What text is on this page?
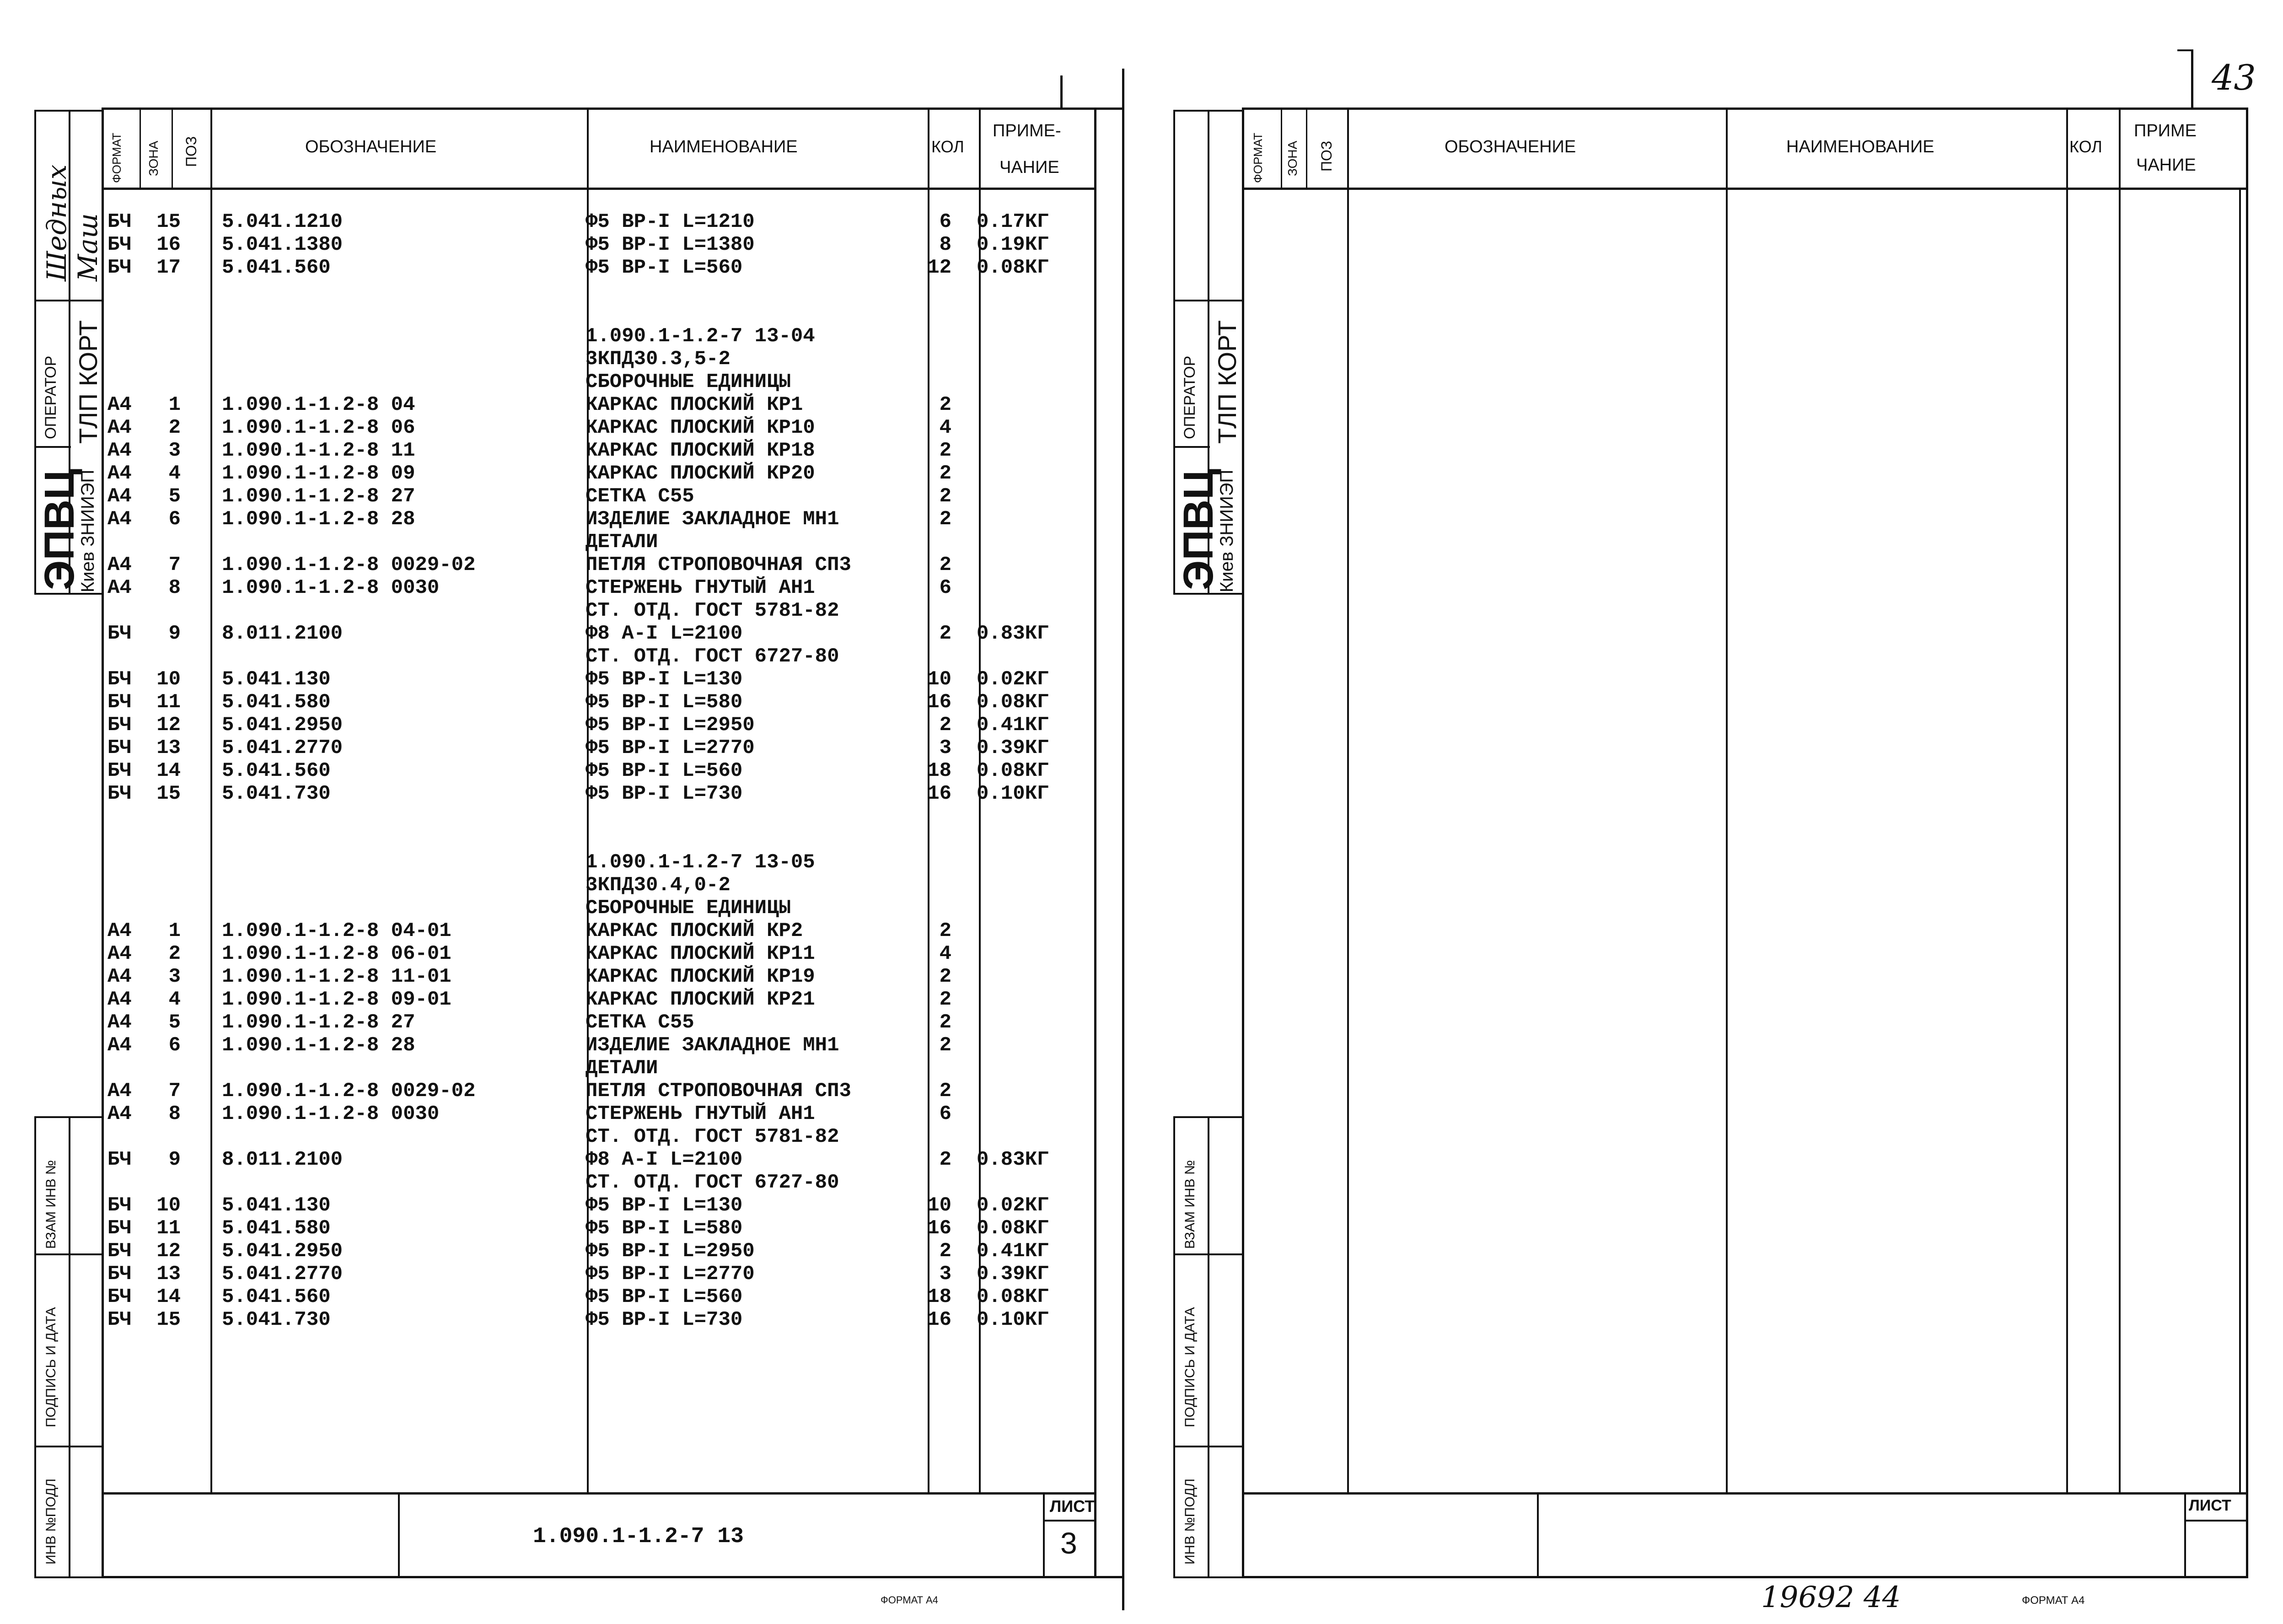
ФОРМАТ ЗОНА ПОЗ	ОБОЗНАЧЕНИЕ	НАИМЕНОВАНИЕ	КОЛ
ПРИМЕ-
ЧАНИЕ
Шедных Маш
ОПЕРАТОР ТЛП КОРТ
ЭПВЦ
Киев ЗНИИЭП
ВЗАМ ИНВ №
ПОДПИСЬ И ДАТА
ИНВ №ПОДЛ
БЧ 15 5.041.1210	Ф5 ВР-I L=1210	6 0.17КГ
БЧ 16 5.041.1380	Ф5 ВР-I L=1380	8 0.19КГ
БЧ 17 5.041.560	Ф5 ВР-I L=560	12 0.08КГ
1.090.1-1.2-7 13-04
3КПД30.3,5-2
СБОРОЧНЫЕ ЕДИНИЦЫ
А4	1 1.090.1-1.2-8 04	КАРКАС ПЛОСКИЙ КР1	2
А4	2 1.090.1-1.2-8 06	КАРКАС ПЛОСКИЙ КР10	4
А4	3 1.090.1-1.2-8 11	КАРКАС ПЛОСКИЙ КР18	2
А4	4 1.090.1-1.2-8 09	КАРКАС ПЛОСКИЙ КР20	2
А4	5 1.090.1-1.2-8 27	СЕТКА С55	2
А4	6 1.090.1-1.2-8 28	ИЗДЕЛИЕ ЗАКЛАДНОЕ МН1	2
ДЕТАЛИ
А4	7 1.090.1-1.2-8 0029-02	ПЕТЛЯ СТРОПОВОЧНАЯ СП3	2
А4	8 1.090.1-1.2-8 0030	СТЕРЖЕНЬ ГНУТЫЙ АН1	6
СТ. ОТД. ГОСТ 5781-82
БЧ	9 8.011.2100	Ф8 А-I L=2100	2 0.83КГ
СТ. ОТД. ГОСТ 6727-80
БЧ 10 5.041.130	Ф5 ВР-I L=130	10 0.02КГ
БЧ 11 5.041.580	Ф5 ВР-I L=580	16 0.08КГ
БЧ 12 5.041.2950	Ф5 ВР-I L=2950	2 0.41КГ
БЧ 13 5.041.2770	Ф5 ВР-I L=2770	3 0.39КГ
БЧ 14 5.041.560	Ф5 ВР-I L=560	18 0.08КГ
БЧ 15 5.041.730	Ф5 ВР-I L=730	16 0.10КГ
1.090.1-1.2-7 13-05
3КПД30.4,0-2
СБОРОЧНЫЕ ЕДИНИЦЫ
А4	1 1.090.1-1.2-8 04-01	КАРКАС ПЛОСКИЙ КР2	2
А4	2 1.090.1-1.2-8 06-01	КАРКАС ПЛОСКИЙ КР11	4
А4	3 1.090.1-1.2-8 11-01	КАРКАС ПЛОСКИЙ КР19	2
А4	4 1.090.1-1.2-8 09-01	КАРКАС ПЛОСКИЙ КР21	2
А4	5 1.090.1-1.2-8 27	СЕТКА С55	2
А4	6 1.090.1-1.2-8 28	ИЗДЕЛИЕ ЗАКЛАДНОЕ МН1	2
ДЕТАЛИ
А4	7 1.090.1-1.2-8 0029-02	ПЕТЛЯ СТРОПОВОЧНАЯ СП3	2
А4	8 1.090.1-1.2-8 0030	СТЕРЖЕНЬ ГНУТЫЙ АН1	6
СТ. ОТД. ГОСТ 5781-82
БЧ	9 8.011.2100	Ф8 А-I L=2100	2 0.83КГ
СТ. ОТД. ГОСТ 6727-80
БЧ 10 5.041.130	Ф5 ВР-I L=130	10 0.02КГ
БЧ 11 5.041.580	Ф5 ВР-I L=580	16 0.08КГ
БЧ 12 5.041.2950	Ф5 ВР-I L=2950	2 0.41КГ
БЧ 13 5.041.2770	Ф5 ВР-I L=2770	3 0.39КГ
БЧ 14 5.041.560	Ф5 ВР-I L=560	18 0.08КГ
БЧ 15 5.041.730	Ф5 ВР-I L=730	16 0.10КГ
1.090.1-1.2-7 13
ЛИСТ
3
ФОРМАТ А4
ФОРМАТ ЗОНА ПОЗ	ОБОЗНАЧЕНИЕ	НАИМЕНОВАНИЕ	КОЛ
ПРИМЕ
ЧАНИЕ
ОПЕРАТОР ТЛП КОРТ
ЭПВЦ
Киев ЗНИИЭП
ВЗАМ ИНВ №
ПОДПИСЬ И ДАТА
ИНВ №ПОДЛ	ЛИСТ
43
19692 44	ФОРМАТ А4
